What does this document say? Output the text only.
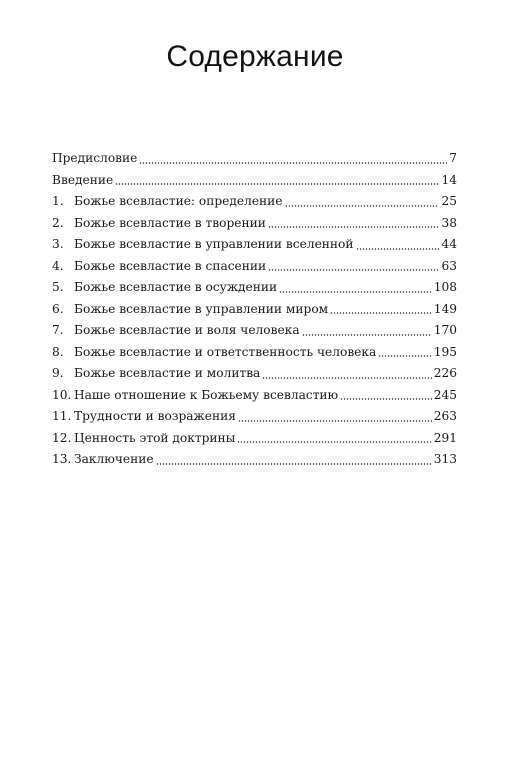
Содержание
Предисловие	7
Введение	14
1. Божье всевластие: определение	25
2. Божье всевластие в творении	38
3. Божье всевластие в управлении вселенной	44
4. Божье всевластие в спасении	63
5. Божье всевластие в осуждении	108
6. Божье всевластие в управлении миром	149
7. Божье всевластие и воля человека	170
8. Божье всевластие и ответственность человека	195
9. Божье всевластие и молитва	226
10. Наше отношение к Божьему всевластию	245
11. Трудности и возражения	263
12. Ценность этой доктрины	291
13. Заключение	313
